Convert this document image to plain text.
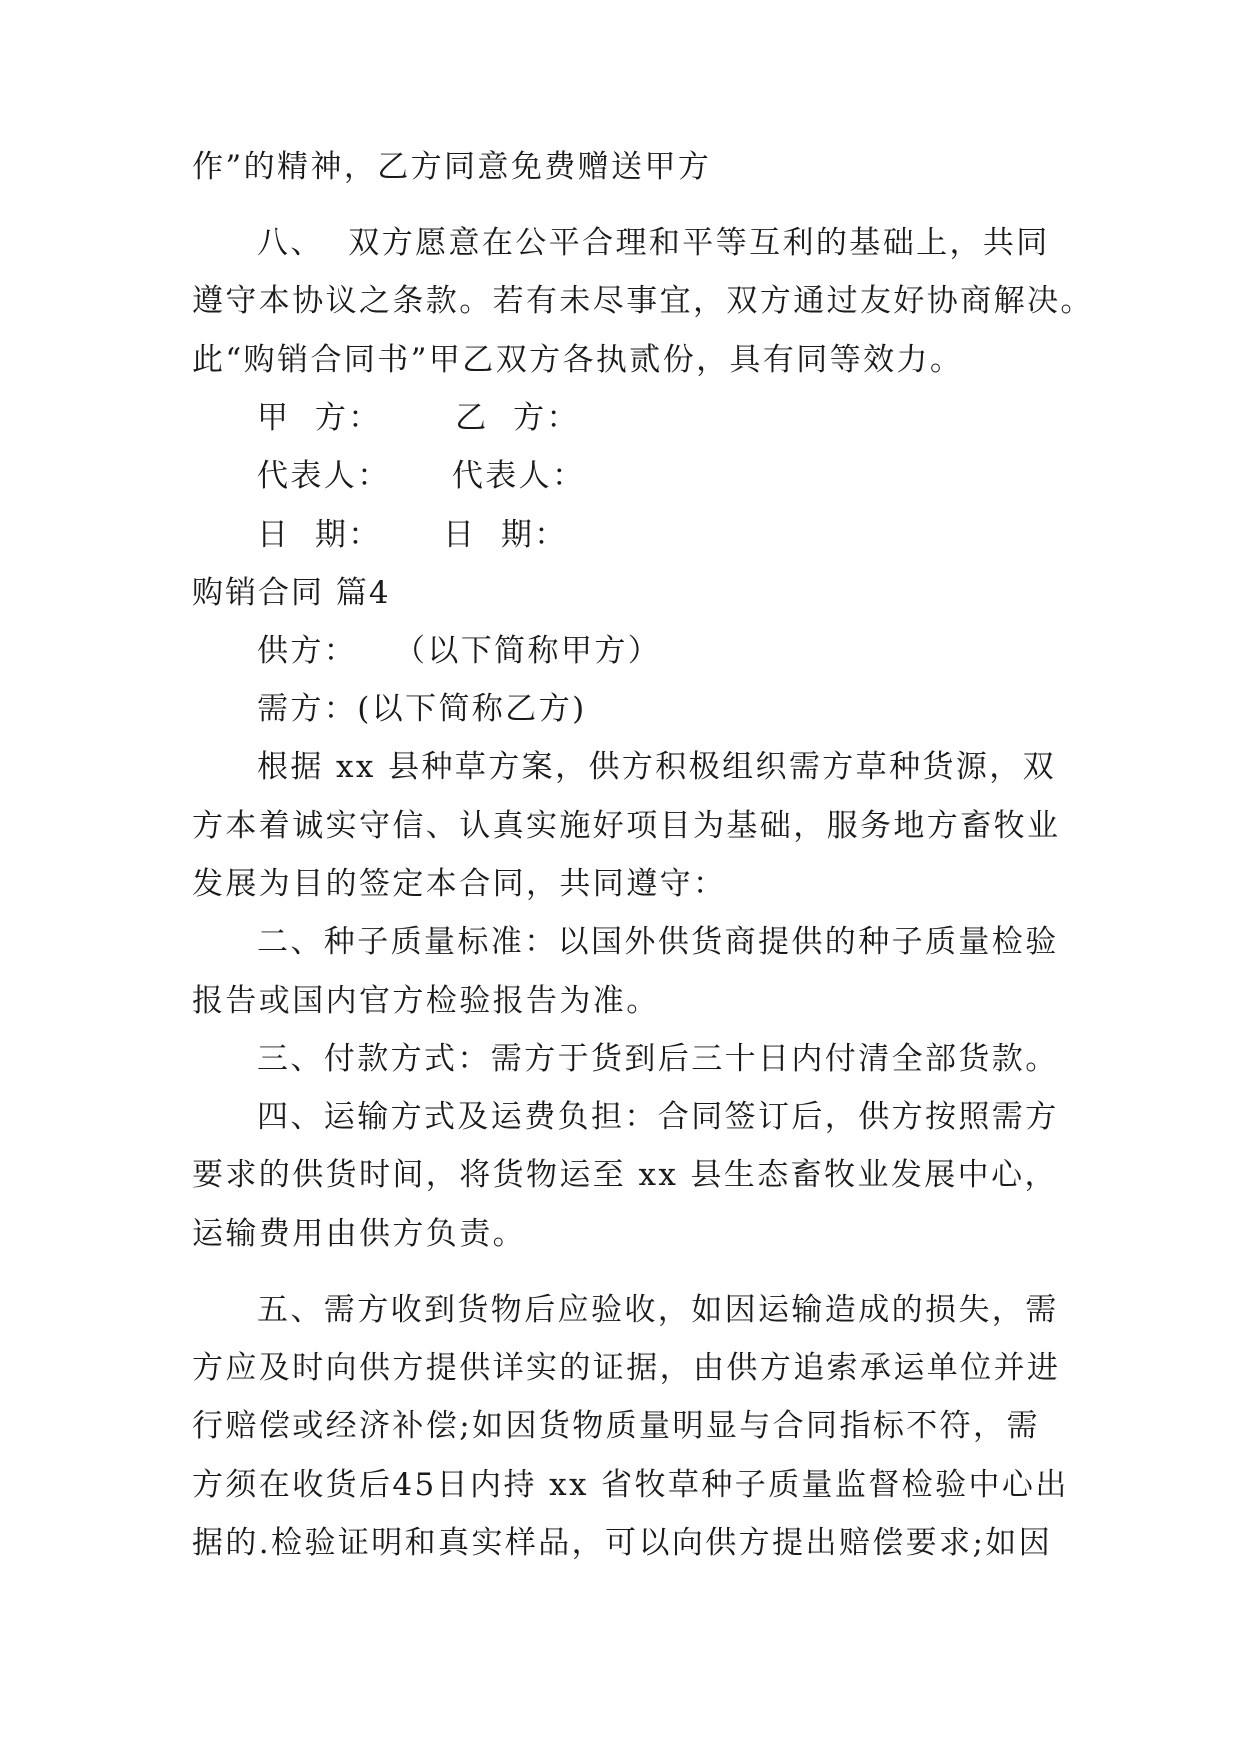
作”的精神，乙方同意免费赠送甲方
八、  双方愿意在公平合理和平等互利的基础上，共同
遵守本协议之条款。若有未尽事宜，双方通过友好协商解决。
此“购销合同书”甲乙双方各执贰份，具有同等效力。
甲  方：      乙  方：
代表人：     代表人：
日  期：     日  期：
购销合同 篇4
供方：   （以下简称甲方）
需方：(以下简称乙方)
根据 xx 县种草方案，供方积极组织需方草种货源，双
方本着诚实守信、认真实施好项目为基础，服务地方畜牧业
发展为目的签定本合同，共同遵守：
二、种子质量标准：以国外供货商提供的种子质量检验
报告或国内官方检验报告为准。
三、付款方式：需方于货到后三十日内付清全部货款。
四、运输方式及运费负担：合同签订后，供方按照需方
要求的供货时间，将货物运至 xx 县生态畜牧业发展中心，
运输费用由供方负责。
五、需方收到货物后应验收，如因运输造成的损失，需
方应及时向供方提供详实的证据，由供方追索承运单位并进
行赔偿或经济补偿;如因货物质量明显与合同指标不符，需
方须在收货后45日内持 xx 省牧草种子质量监督检验中心出
据的.检验证明和真实样品，可以向供方提出赔偿要求;如因
